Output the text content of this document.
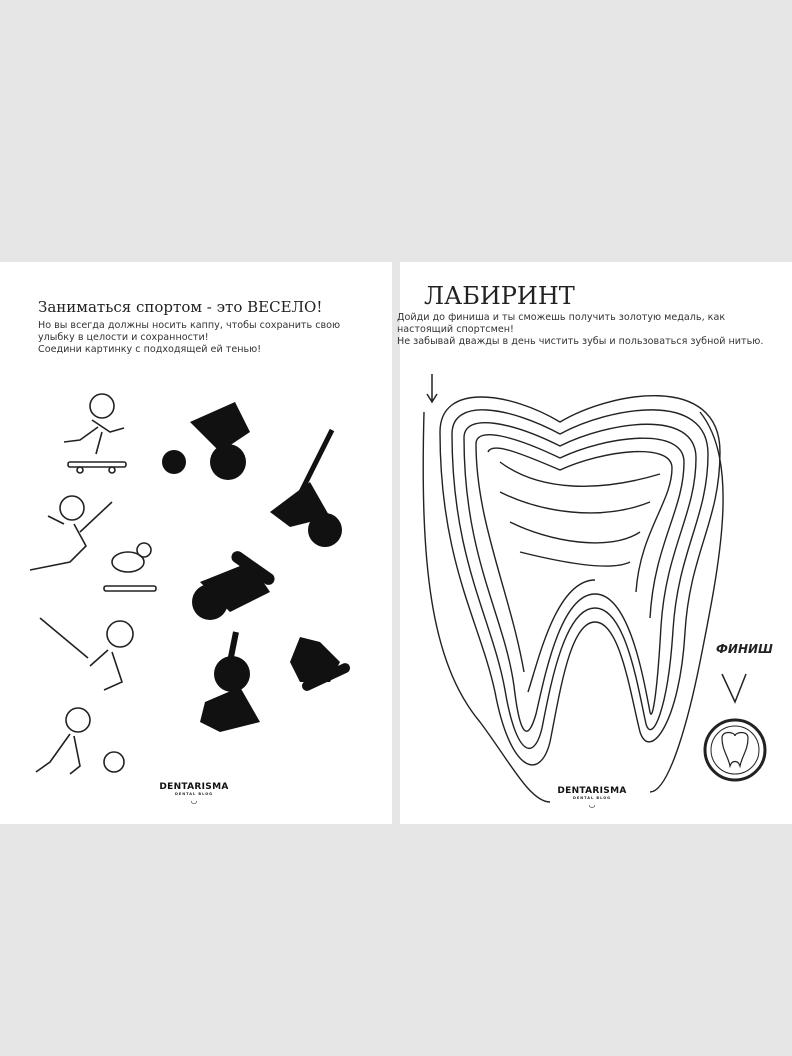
Заниматься спортом - это ВЕСЕЛО!
Но вы всегда должны носить каппу, чтобы сохранить свою улыбку в целости и сохранности!
Соедини картинку с подходящей ей тенью!
DENTARISMA
DENTAL BLOG
◡
ЛАБИРИНТ
Дойди до финиша и ты сможешь получить золотую медаль, как настоящий спортсмен!
Не забывай дважды в день чистить зубы и пользоваться зубной нитью.
ФИНИШ
DENTARISMA
DENTAL BLOG
◡
